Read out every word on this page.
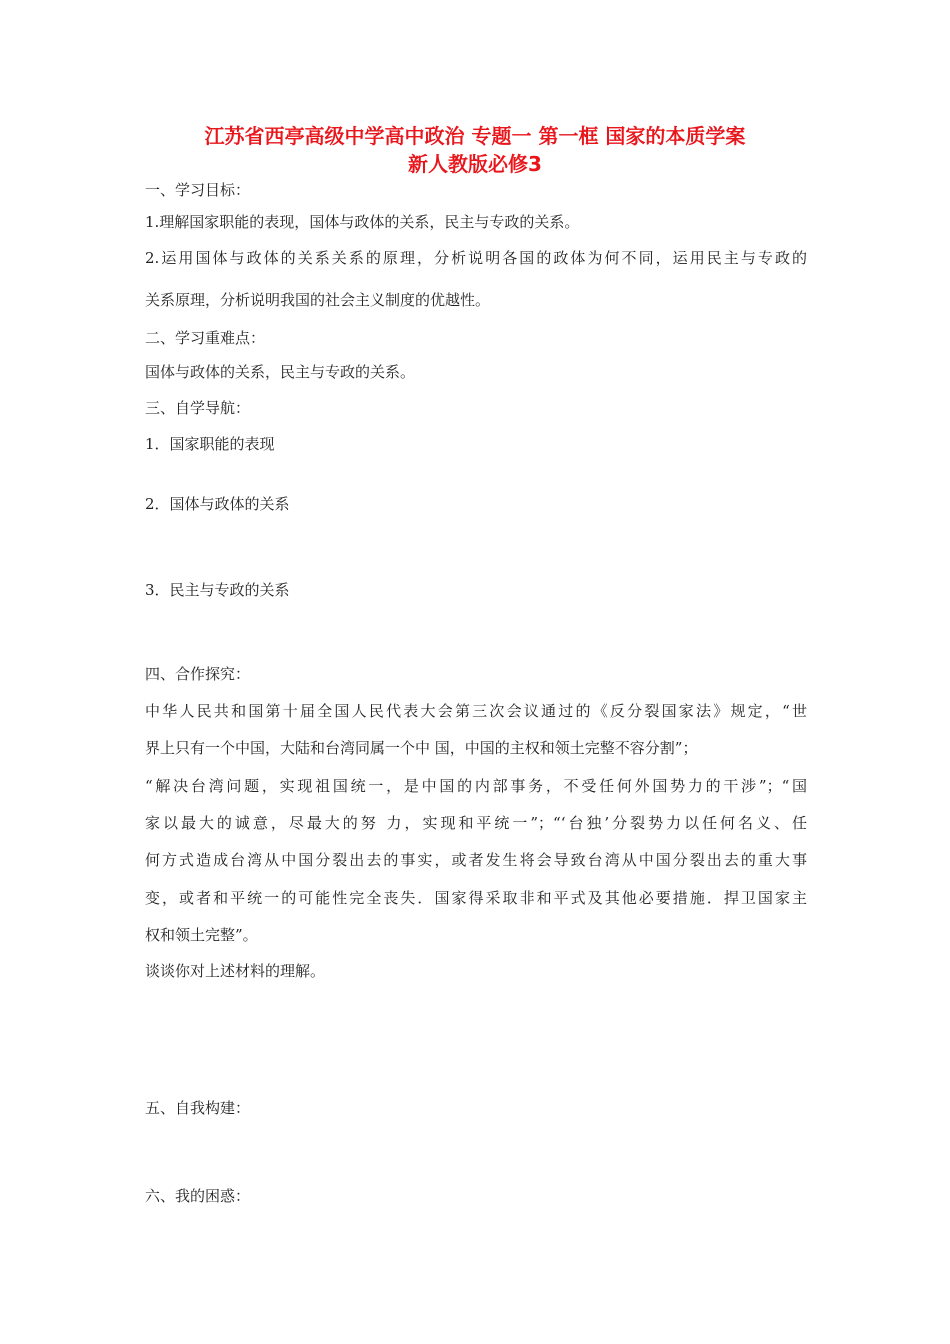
江苏省西亭高级中学高中政治 专题一 第一框 国家的本质学案
新人教版必修3
一、学习目标：
1.理解国家职能的表现，国体与政体的关系，民主与专政的关系。
2.运用国体与政体的关系关系的原理，分析说明各国的政体为何不同，运用民主与专政的
关系原理，分析说明我国的社会主义制度的优越性。
二、学习重难点：
国体与政体的关系，民主与专政的关系。
三、自学导航：
1．国家职能的表现
2．国体与政体的关系
3．民主与专政的关系
四、合作探究：
中华人民共和国第十届全国人民代表大会第三次会议通过的《反分裂国家法》规定，“世
界上只有一个中国，大陆和台湾同属一个中 国，中国的主权和领土完整不容分割”；
“解决台湾问题，实现祖国统一，是中国的内部事务，不受任何外国势力的干涉”；“国
家以最大的诚意，尽最大的努 力，实现和平统一”；“‘台独’分裂势力以任何名义、任
何方式造成台湾从中国分裂出去的事实，或者发生将会导致台湾从中国分裂出去的重大事
变，或者和平统一的可能性完全丧失．国家得采取非和平式及其他必要措施．捍卫国家主
权和领土完整”。
谈谈你对上述材料的理解。
五、自我构建：
六、我的困惑：
